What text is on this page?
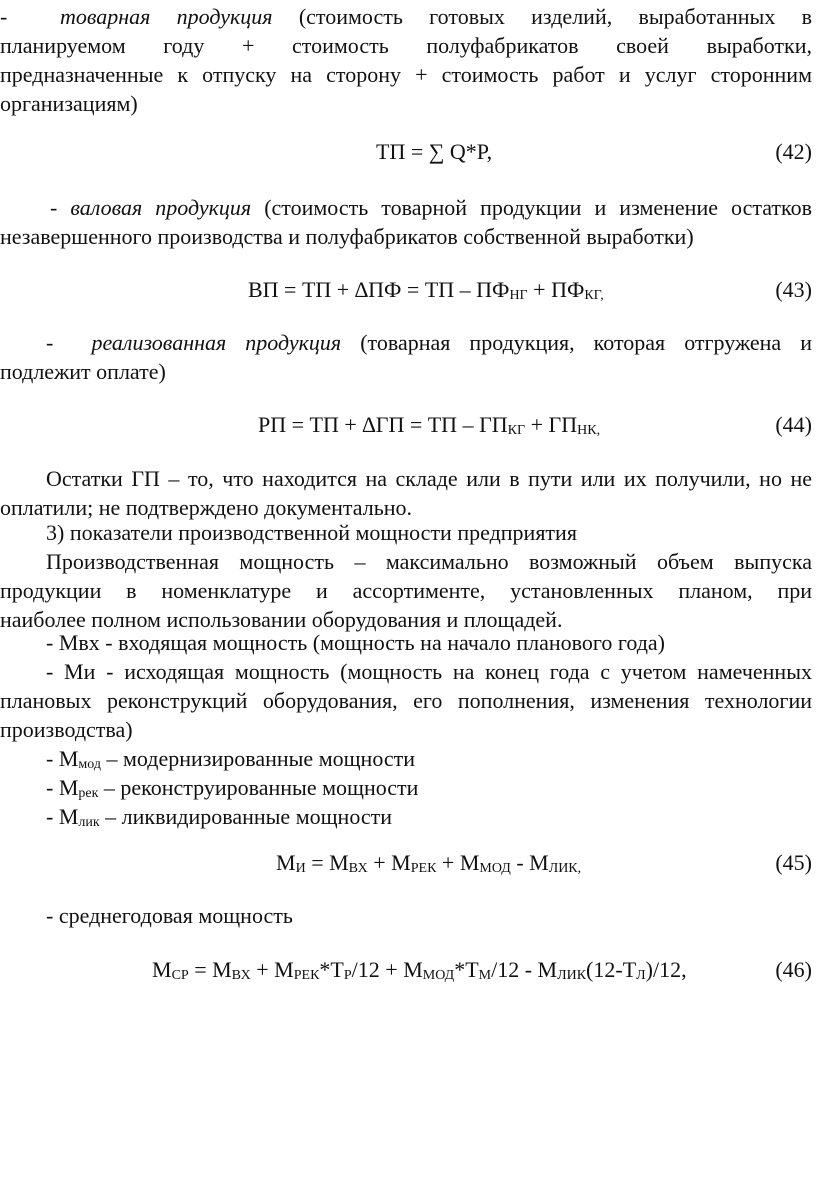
- товарная продукция (стоимость готовых изделий, выработанных в
планируемом году + стоимость полуфабрикатов своей выработки,
предназначенные к отпуску на сторону + стоимость работ и услуг сторонним
организациям)
ТП = ∑ Q*P,	(42)
- валовая продукция (стоимость товарной продукции и изменение остатков
незавершенного производства и полуфабрикатов собственной выработки)
ВП = ТП + ∆ПФ = ТП – $ПФ_{НГ} + ПФ_{КГ,}$	(43)
- реализованная продукция (товарная продукция, которая отгружена и
подлежит оплате)
РП = ТП + ∆ГП = ТП – $ГП_{КГ} + ГП_{НК,}$	(44)
Остатки ГП – то, что находится на складе или в пути или их получили, но не
оплатили; не подтверждено документально.
3) показатели производственной мощности предприятия
Производственная мощность – максимально возможный объем выпуска
продукции в номенклатуре и ассортименте, установленных планом, при
наиболее полном использовании оборудования и площадей.
- Мвх - входящая мощность (мощность на начало планового года)
- Ми - исходящая мощность (мощность на конец года с учетом намеченных
плановых реконструкций оборудования, его пополнения, изменения технологии
производства)
- $М_{мод}$ – модернизированные мощности
- $М_{рек}$ – реконструированные мощности
- $М_{лик}$ – ликвидированные мощности
$М_И = М_{ВХ} + М_{РЕК} + М_{МОД} - М_{ЛИК,}$	(45)
- среднегодовая мощность
$М_{СР} = М_{ВХ} + М_{РЕК}*Т_Р/12 + М_{МОД}*Т_М/12 - М_{ЛИК}(12-Т_Л)/12$,	(46)
